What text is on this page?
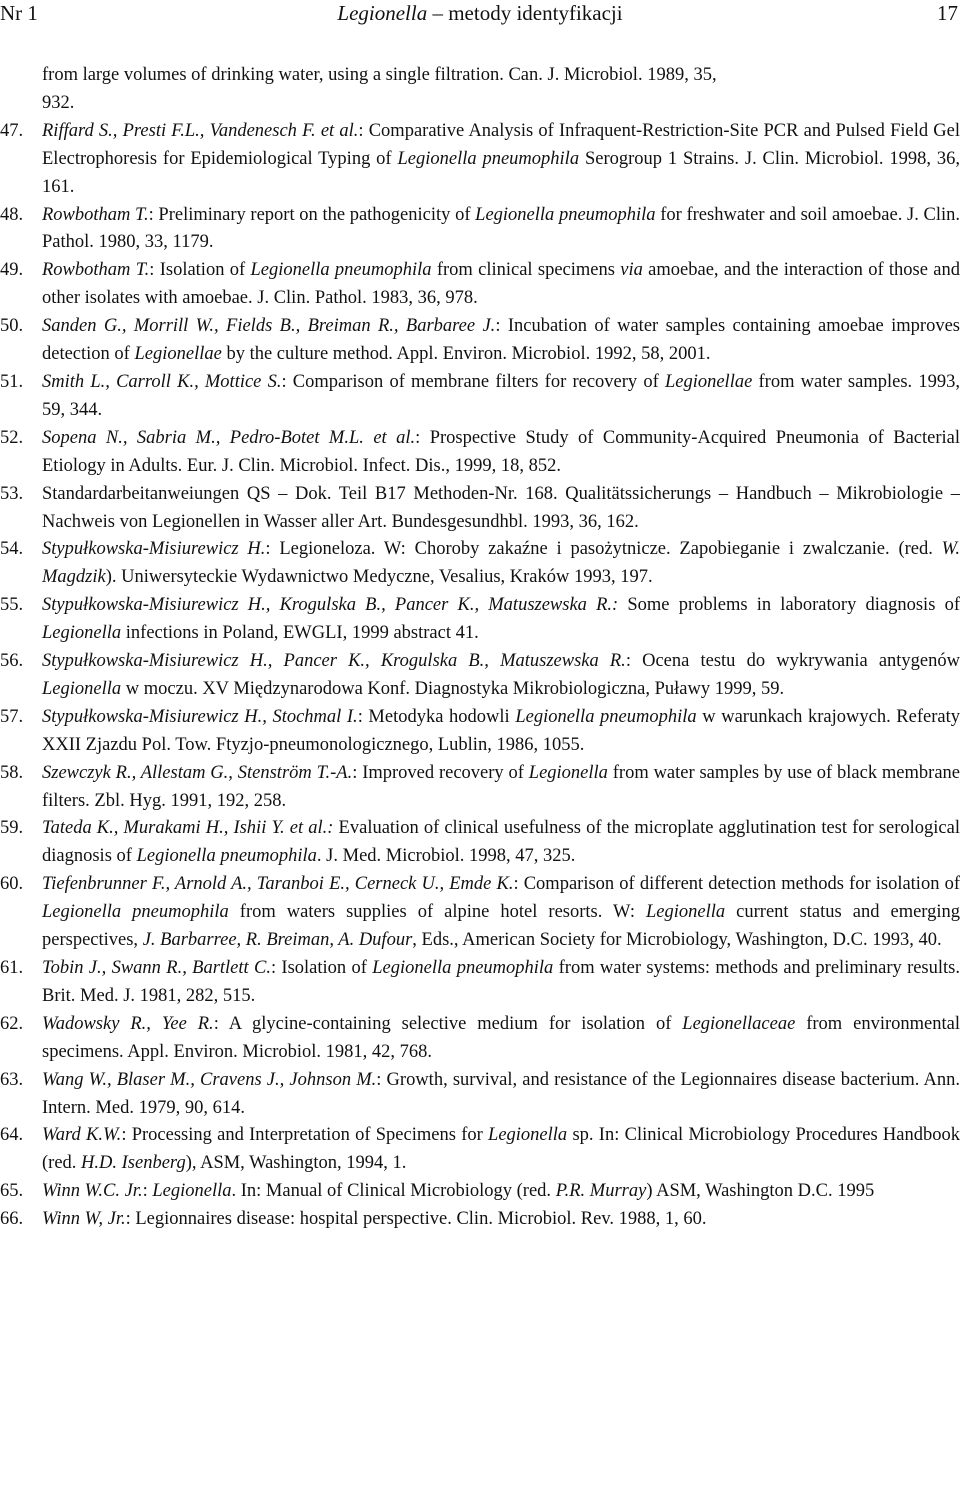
Nr 1	Legionella – metody identyfikacji	17
from large volumes of drinking water, using a single filtration. Can. J. Microbiol. 1989, 35,
932.
47. Riffard S., Presti F.L., Vandenesch F. et al.: Comparative Analysis of Infraquent-Restriction-Site PCR and Pulsed Field Gel Electrophoresis for Epidemiological Typing of Legionella pneumophila Serogroup 1 Strains. J. Clin. Microbiol. 1998, 36, 161.
48. Rowbotham T.: Preliminary report on the pathogenicity of Legionella pneumophila for freshwater and soil amoebae. J. Clin. Pathol. 1980, 33, 1179.
49. Rowbotham T.: Isolation of Legionella pneumophila from clinical specimens via amoebae, and the interaction of those and other isolates with amoebae. J. Clin. Pathol. 1983, 36, 978.
50. Sanden G., Morrill W., Fields B., Breiman R., Barbaree J.: Incubation of water samples containing amoebae improves detection of Legionellae by the culture method. Appl. Environ. Microbiol. 1992, 58, 2001.
51. Smith L., Carroll K., Mottice S.: Comparison of membrane filters for recovery of Legionellae from water samples. 1993, 59, 344.
52. Sopena N., Sabria M., Pedro-Botet M.L. et al.: Prospective Study of Community-Acquired Pneumonia of Bacterial Etiology in Adults. Eur. J. Clin. Microbiol. Infect. Dis., 1999, 18, 852.
53. Standardarbeitanweiungen QS – Dok. Teil B17 Methoden-Nr. 168. Qualitätssicherungs – Handbuch – Mikrobiologie – Nachweis von Legionellen in Wasser aller Art. Bundesgesundhbl. 1993, 36, 162.
54. Stypułkowska-Misiurewicz H.: Legioneloza. W: Choroby zakaźne i pasożytnicze. Zapobieganie i zwalczanie. (red. W. Magdzik). Uniwersyteckie Wydawnictwo Medyczne, Vesalius, Kraków 1993, 197.
55. Stypułkowska-Misiurewicz H., Krogulska B., Pancer K., Matuszewska R.: Some problems in laboratory diagnosis of Legionella infections in Poland, EWGLI, 1999 abstract 41.
56. Stypułkowska-Misiurewicz H., Pancer K., Krogulska B., Matuszewska R.: Ocena testu do wykrywania antygenów Legionella w moczu. XV Międzynarodowa Konf. Diagnostyka Mikrobiologiczna, Puławy 1999, 59.
57. Stypułkowska-Misiurewicz H., Stochmal I.: Metodyka hodowli Legionella pneumophila w warunkach krajowych. Referaty XXII Zjazdu Pol. Tow. Ftyzjo-pneumonologicznego, Lublin, 1986, 1055.
58. Szewczyk R., Allestam G., Stenström T.-A.: Improved recovery of Legionella from water samples by use of black membrane filters. Zbl. Hyg. 1991, 192, 258.
59. Tateda K., Murakami H., Ishii Y. et al.: Evaluation of clinical usefulness of the microplate agglutination test for serological diagnosis of Legionella pneumophila. J. Med. Microbiol. 1998, 47, 325.
60. Tiefenbrunner F., Arnold A., Taranboi E., Cerneck U., Emde K.: Comparison of different detection methods for isolation of Legionella pneumophila from waters supplies of alpine hotel resorts. W: Legionella current status and emerging perspectives, J. Barbarree, R. Breiman, A. Dufour, Eds., American Society for Microbiology, Washington, D.C. 1993, 40.
61. Tobin J., Swann R., Bartlett C.: Isolation of Legionella pneumophila from water systems: methods and preliminary results. Brit. Med. J. 1981, 282, 515.
62. Wadowsky R., Yee R.: A glycine-containing selective medium for isolation of Legionellaceae from environmental specimens. Appl. Environ. Microbiol. 1981, 42, 768.
63. Wang W., Blaser M., Cravens J., Johnson M.: Growth, survival, and resistance of the Legionnaires disease bacterium. Ann. Intern. Med. 1979, 90, 614.
64. Ward K.W.: Processing and Interpretation of Specimens for Legionella sp. In: Clinical Microbiology Procedures Handbook (red. H.D. Isenberg), ASM, Washington, 1994, 1.
65. Winn W.C. Jr.: Legionella. In: Manual of Clinical Microbiology (red. P.R. Murray) ASM, Washington D.C. 1995
66. Winn W, Jr.: Legionnaires disease: hospital perspective. Clin. Microbiol. Rev. 1988, 1, 60.
